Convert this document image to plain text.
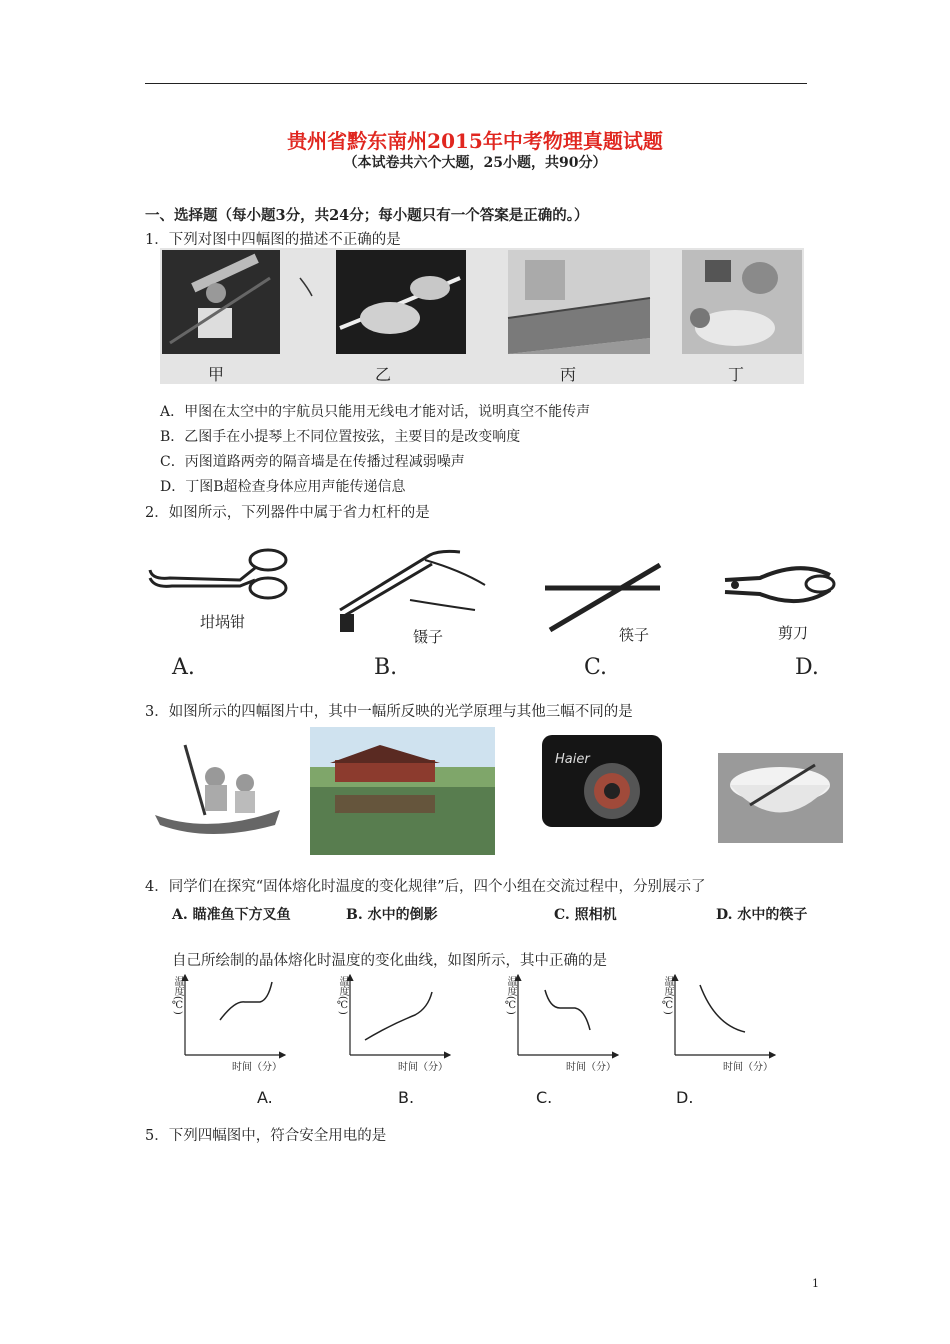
贵州省黔东南州2015年中考物理真题试题
（本试卷共六个大题，25小题，共90分）
一、选择题（每小题3分，共24分；每小题只有一个答案是正确的。）
1．下列对图中四幅图的描述不正确的是
甲	乙	丙	丁
A．甲图在太空中的宇航员只能用无线电才能对话，说明真空不能传声
B．乙图手在小提琴上不同位置按弦，主要目的是改变响度
C．丙图道路两旁的隔音墙是在传播过程减弱噪声
D．丁图B超检查身体应用声能传递信息
2．如图所示，下列器件中属于省力杠杆的是
坩埚钳
镊子	筷子	剪刀
A.	B.	C.	D.
3．如图所示的四幅图片中，其中一幅所反映的光学原理与其他三幅不同的是
Haier
4．同学们在探究“固体熔化时温度的变化规律”后，四个小组在交流过程中，分别展示了
A. 瞄准鱼下方叉鱼	B. 水中的倒影	C. 照相机	D. 水中的筷子
自己所绘制的晶体熔化时温度的变化曲线，如图所示，其中正确的是
温度(℃)	温度(℃)	温度(℃)	温度(℃)
时间（分）	时间（分）	时间（分）	时间（分）
A.	B.	C.	D.
5．下列四幅图中，符合安全用电的是
1
